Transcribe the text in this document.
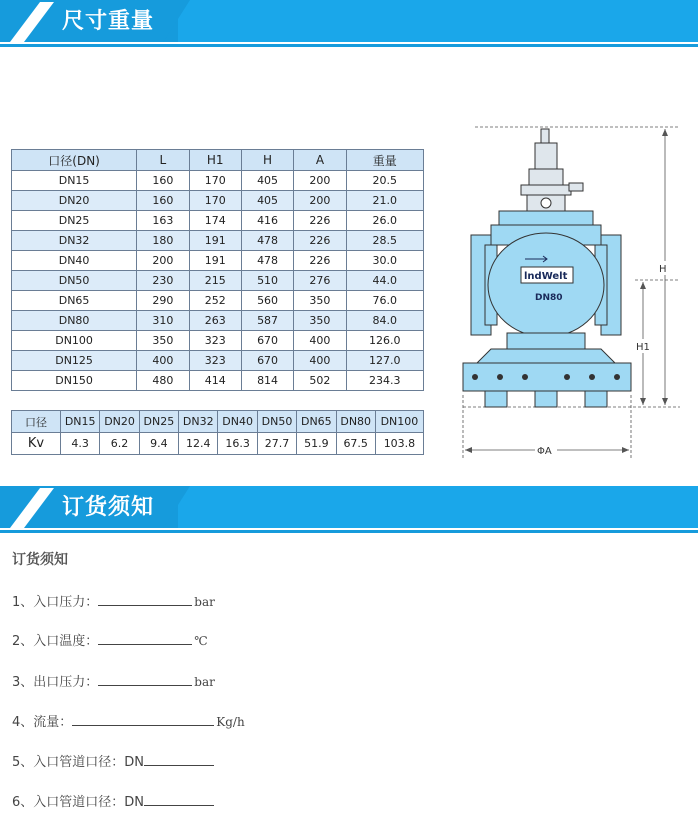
尺寸重量
口径(DN)	L	H1	H	A	重量
DN15	160	170	405	200	20.5
DN20	160	170	405	200	21.0
DN25	163	174	416	226	26.0
DN32	180	191	478	226	28.5
DN40	200	191	478	226	30.0
DN50	230	215	510	276	44.0
DN65	290	252	560	350	76.0
DN80	310	263	587	350	84.0
DN100	350	323	670	400	126.0
DN125	400	323	670	400	127.0
DN150	480	414	814	502	234.3
口径	DN15	DN20	DN25	DN32	DN40	DN50	DN65	DN80	DN100
Kv	4.3	6.2	9.4	12.4	16.3	27.7	51.9	67.5	103.8
H
H1
ΦA
lndWelt
DN80
订货须知
订货须知
1、入口压力：	bar
2、入口温度：	℃
3、出口压力：	bar
4、流量：	Kg/h
5、入口管道口径：DN
6、入口管道口径：DN
